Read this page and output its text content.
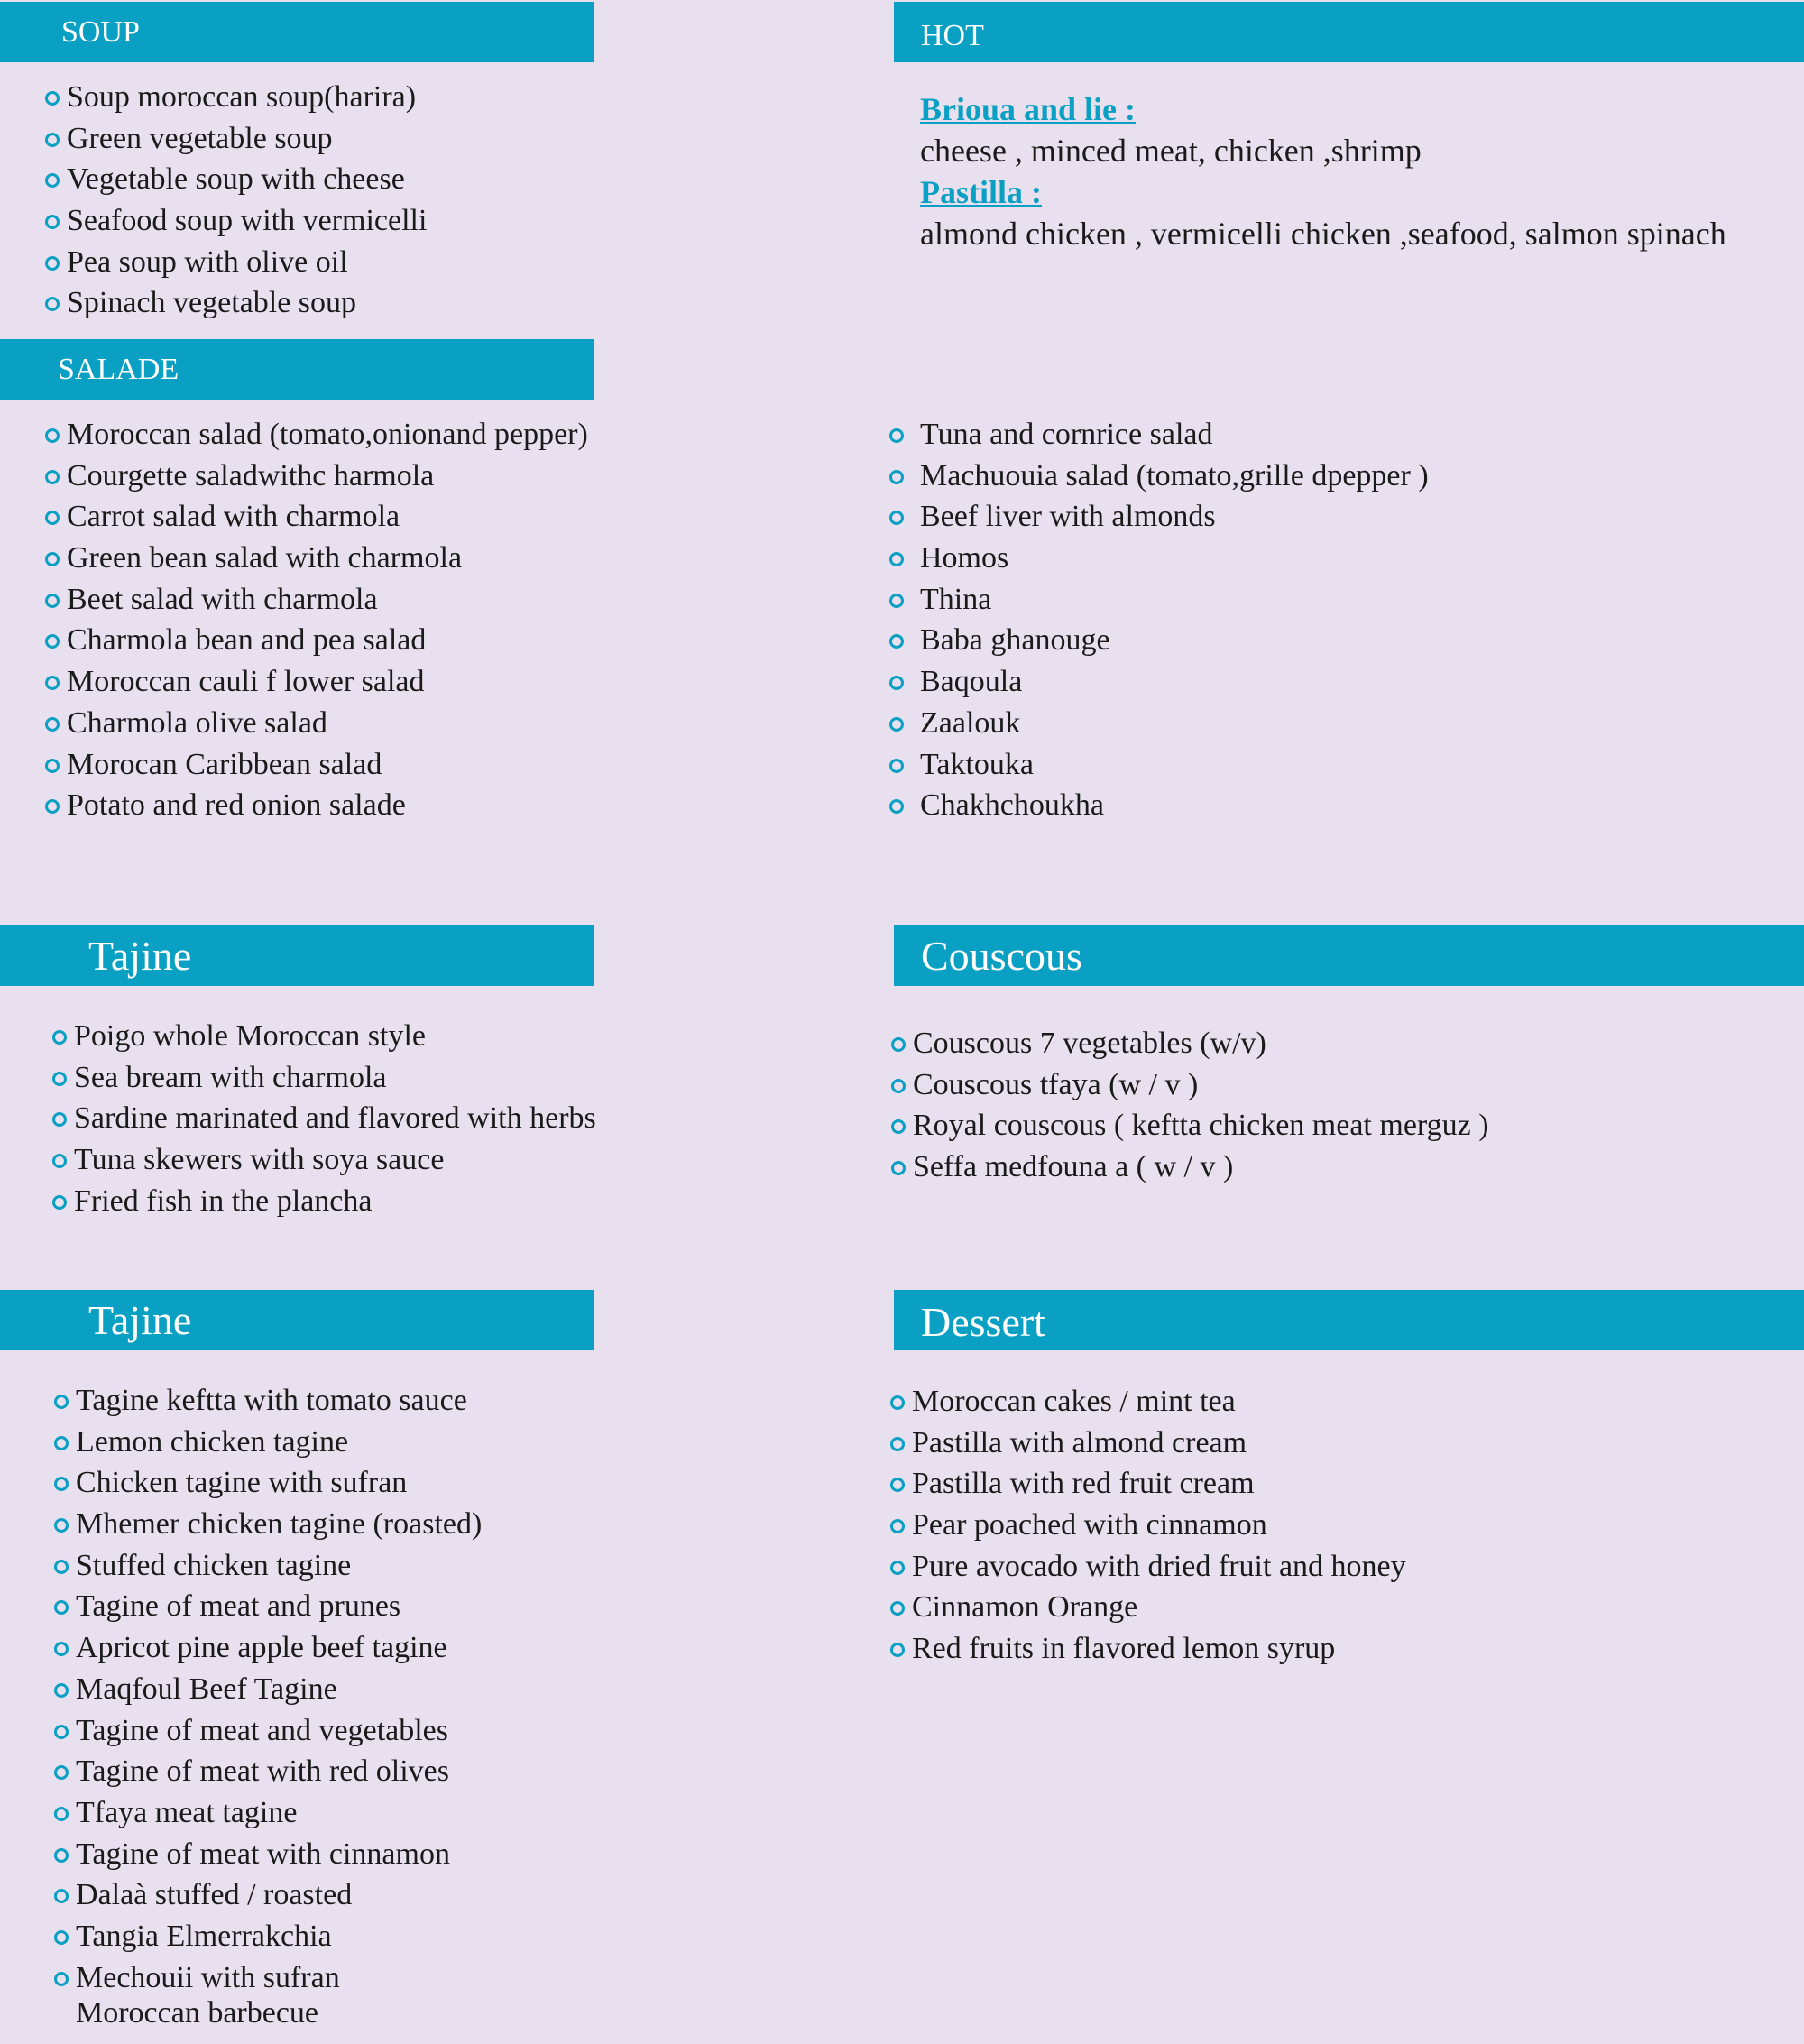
SOUP
Soup moroccan soup(harira)
Green vegetable soup
Vegetable soup with cheese
Seafood soup with vermicelli
Pea soup with olive oil
Spinach vegetable soup
HOT
Brioua and lie :
cheese , minced meat, chicken ,shrimp
Pastilla :
almond chicken , vermicelli chicken ,seafood, salmon spinach
SALADE
Moroccan salad (tomato,onionand pepper)
Courgette saladwithc harmola
Carrot salad with charmola
Green bean salad with charmola
Beet salad with charmola
Charmola bean and pea salad
Moroccan cauli f lower salad
Charmola olive salad
Morocan Caribbean salad
Potato and red onion salade
Tuna and cornrice salad
Machuouia salad (tomato,grille dpepper )
Beef liver with almonds
Homos
Thina
Baba ghanouge
Baqoula
Zaalouk
Taktouka
Chakhchoukha
Tajine
Poigo whole Moroccan style
Sea bream with charmola
Sardine marinated and flavored with herbs
Tuna skewers with soya sauce
Fried fish in the plancha
Couscous
Couscous 7 vegetables (w/v)
Couscous tfaya (w / v )
Royal couscous ( keftta chicken meat merguz )
Seffa medfouna a ( w / v )
Tajine
Tagine keftta with tomato sauce
Lemon chicken tagine
Chicken tagine with sufran
Mhemer chicken tagine (roasted)
Stuffed chicken tagine
Tagine of meat and prunes
Apricot pine apple beef tagine
Maqfoul Beef Tagine
Tagine of meat and vegetables
Tagine of meat with red olives
Tfaya meat tagine
Tagine of meat with cinnamon
Dalaà stuffed / roasted
Tangia Elmerrakchia
Mechouii with sufran
Moroccan barbecue
Dessert
Moroccan cakes / mint tea
Pastilla with almond cream
Pastilla with red fruit cream
Pear poached with cinnamon
Pure avocado with dried fruit and honey
Cinnamon Orange
Red fruits in flavored lemon syrup
